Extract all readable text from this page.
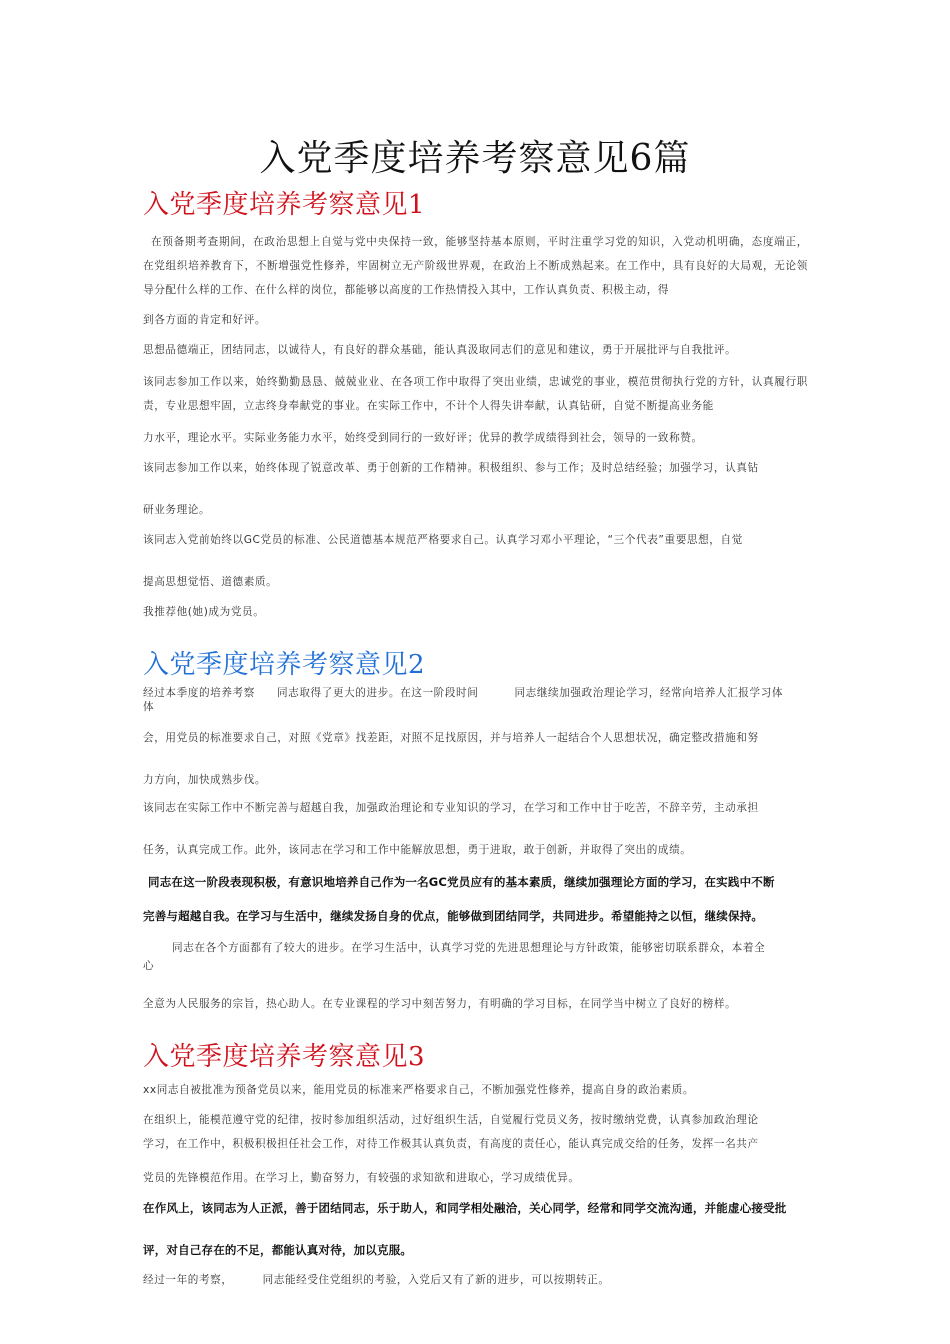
入党季度培养考察意见6篇
入党季度培养考察意见1
在预备期考查期间，在政治思想上自觉与党中央保持一致，能够坚持基本原则，平时注重学习党的知识，入党动机明确，态度端正，在党组织培养教育下，不断增强党性修养，牢固树立无产阶级世界观，在政治上不断成熟起来。在工作中，具有良好的大局观，无论领导分配什么样的工作、在什么样的岗位，都能够以高度的工作热情投入其中，工作认真负责、积极主动，得
到各方面的肯定和好评。
思想品德端正，团结同志，以诚待人，有良好的群众基础，能认真汲取同志们的意见和建议，勇于开展批评与自我批评。
该同志参加工作以来，始终勤勤恳恳、兢兢业业、在各项工作中取得了突出业绩，忠诚党的事业，模范贯彻执行党的方针，认真履行职责，专业思想牢固，立志终身奉献党的事业。在实际工作中，不计个人得失讲奉献，认真钻研，自觉不断提高业务能
力水平，理论水平。实际业务能力水平，始终受到同行的一致好评；优异的教学成绩得到社会，领导的一致称赞。
该同志参加工作以来，始终体现了锐意改革、勇于创新的工作精神。积极组织、参与工作；及时总结经验；加强学习，认真钻
研业务理论。
该同志入党前始终以GC党员的标准、公民道德基本规范严格要求自己。认真学习邓小平理论，“三个代表”重要思想，自觉
提高思想觉悟、道德素质。
我推荐他(她)成为党员。
入党季度培养考察意见2
经过本季度的培养考察 同志取得了更大的进步。在这一阶段时间	同志继续加强政治理论学习，经常向培养人汇报学习体
体
会，用党员的标准要求自己，对照《党章》找差距，对照不足找原因，并与培养人一起结合个人思想状况，确定整改措施和努
力方向，加快成熟步伐。
该同志在实际工作中不断完善与超越自我，加强政治理论和专业知识的学习，在学习和工作中甘于吃苦，不辞辛劳，主动承担
任务，认真完成工作。此外，该同志在学习和工作中能解放思想，勇于进取，敢于创新，并取得了突出的成绩。
同志在这一阶段表现积极，有意识地培养自己作为一名GC党员应有的基本素质，继续加强理论方面的学习，在实践中不断
完善与超越自我。在学习与生活中，继续发扬自身的优点，能够做到团结同学，共同进步。希望能持之以恒，继续保持。
同志在各个方面都有了较大的进步。在学习生活中，认真学习党的先进思想理论与方针政策，能够密切联系群众，本着全
心
全意为人民服务的宗旨，热心助人。在专业课程的学习中刻苦努力，有明确的学习目标，在同学当中树立了良好的榜样。
入党季度培养考察意见3
xx同志自被批准为预备党员以来，能用党员的标准来严格要求自己，不断加强党性修养，提高自身的政治素质。
在组织上，能模范遵守党的纪律，按时参加组织活动，过好组织生活，自觉履行党员义务，按时缴纳党费，认真参加政治理论
学习，在工作中，积极积极担任社会工作，对待工作极其认真负责，有高度的责任心，能认真完成交给的任务，发挥一名共产
党员的先锋模范作用。在学习上，勤奋努力，有较强的求知欲和进取心，学习成绩优异。
在作风上，该同志为人正派，善于团结同志，乐于助人，和同学相处融洽，关心同学，经常和同学交流沟通，并能虚心接受批
评，对自己存在的不足，都能认真对待，加以克服。
经过一年的考察，	同志能经受住党组织的考验，入党后又有了新的进步，可以按期转正。
